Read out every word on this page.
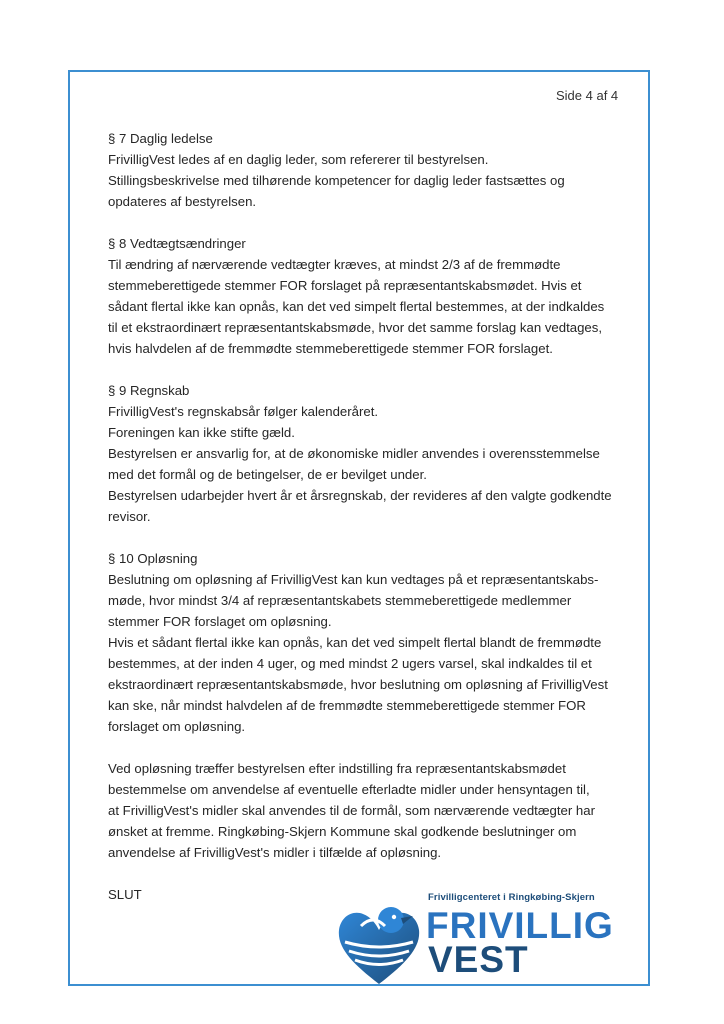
Side 4 af 4
§ 7 Daglig ledelse
FrivilligVest ledes af en daglig leder, som refererer til bestyrelsen.
Stillingsbeskrivelse med tilhørende kompetencer for daglig leder fastsættes og
opdateres af bestyrelsen.
§ 8 Vedtægtsændringer
Til ændring af nærværende vedtægter kræves, at mindst 2/3 af de fremmødte
stemmeberettigede stemmer FOR forslaget på repræsentantskabsmødet. Hvis et
sådant flertal ikke kan opnås, kan det ved simpelt flertal bestemmes, at der indkaldes
til et ekstraordinært repræsentantskabsmøde, hvor det samme forslag kan vedtages,
hvis halvdelen af de fremmødte stemmeberettigede stemmer FOR forslaget.
§ 9 Regnskab
FrivilligVest's regnskabsår følger kalenderåret.
Foreningen kan ikke stifte gæld.
Bestyrelsen er ansvarlig for, at de økonomiske midler anvendes i overensstemmelse
med det formål og de betingelser, de er bevilget under.
Bestyrelsen udarbejder hvert år et årsregnskab, der revideres af den valgte godkendte
revisor.
§ 10 Opløsning
Beslutning om opløsning af FrivilligVest kan kun vedtages på et repræsentantskabs-
møde, hvor mindst 3/4 af repræsentantskabets stemmeberettigede medlemmer
stemmer FOR forslaget om opløsning.
Hvis et sådant flertal ikke kan opnås, kan det ved simpelt flertal blandt de fremmødte
bestemmes, at der inden 4 uger, og med mindst 2 ugers varsel, skal indkaldes til et
ekstraordinært repræsentantskabsmøde, hvor beslutning om opløsning af FrivilligVest
kan ske, når mindst halvdelen af de fremmødte stemmeberettigede stemmer FOR
forslaget om opløsning.
Ved opløsning træffer bestyrelsen efter indstilling fra repræsentantskabsmødet
bestemmelse om anvendelse af eventuelle efterladte midler under hensyntagen til,
at FrivilligVest's midler skal anvendes til de formål, som nærværende vedtægter har
ønsket at fremme. Ringkøbing-Skjern Kommune skal godkende beslutninger om
anvendelse af FrivilligVest's midler i tilfælde af opløsning.
SLUT	Frivilligcenteret i Ringkøbing-Skjern
FRIVILLIG
VEST
